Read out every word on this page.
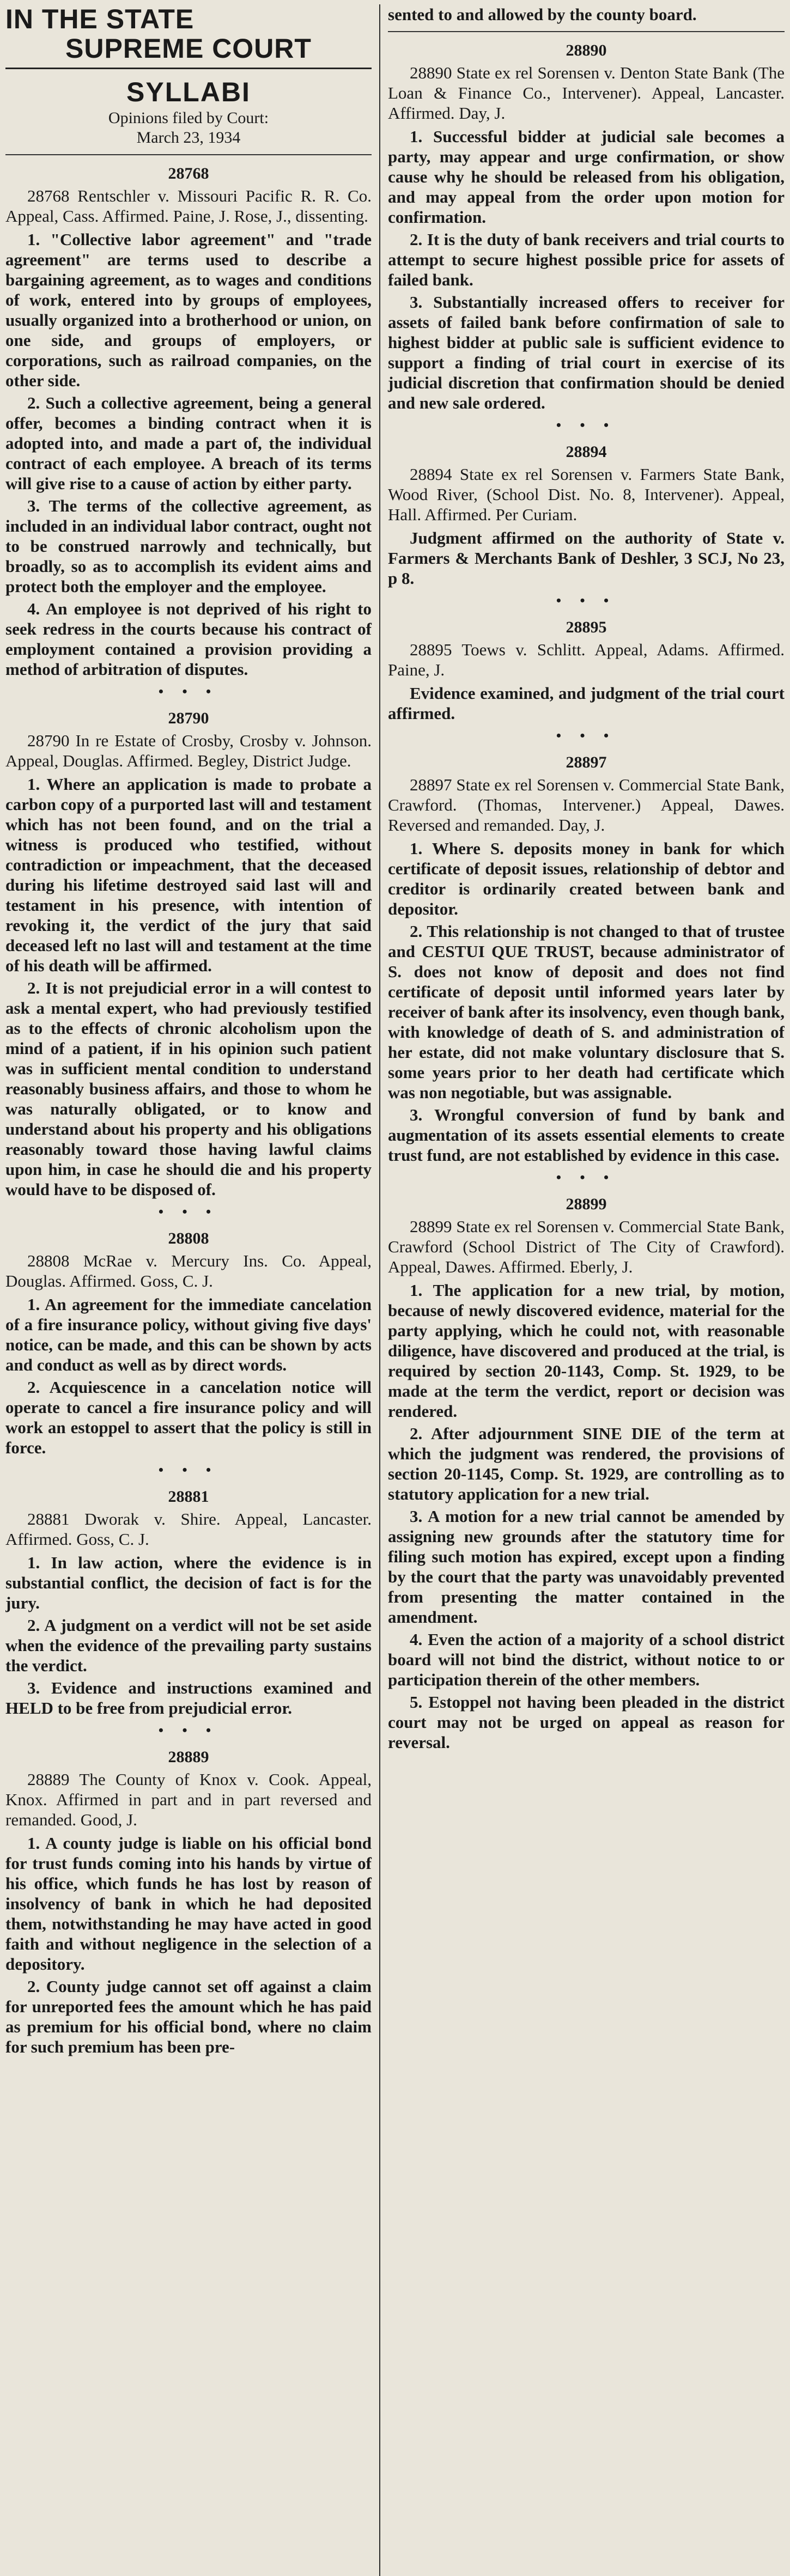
IN THE STATE
SUPREME COURT
SYLLABI

Opinions filed by Court:

March 23, 1934

28768

28768 Rentschler v. Missouri Pacific R. R. Co. Appeal, Cass. Affirmed. Paine, J. Rose, J., dissenting.

1. "Collective labor agreement" and "trade agreement" are terms used to describe a bargaining agreement, as to wages and conditions of work, entered into by groups of employees, usually organized into a brotherhood or union, on one side, and groups of employers, or corporations, such as railroad companies, on the other side.

2. Such a collective agreement, being a general offer, becomes a binding contract when it is adopted into, and made a part of, the individual contract of each employee. A breach of its terms will give rise to a cause of action by either party.

3. The terms of the collective agreement, as included in an individual labor contract, ought not to be construed narrowly and technically, but broadly, so as to accomplish its evident aims and protect both the employer and the employee.

4. An employee is not deprived of his right to seek redress in the courts because his contract of employment contained a provision providing a method of arbitration of disputes.

• • •
28790

28790 In re Estate of Crosby, Crosby v. Johnson. Appeal, Douglas. Affirmed. Begley, District Judge.

1. Where an application is made to probate a carbon copy of a purported last will and testament which has not been found, and on the trial a witness is produced who testified, without contradiction or impeachment, that the deceased during his lifetime destroyed said last will and testament in his presence, with intention of revoking it, the verdict of the jury that said deceased left no last will and testament at the time of his death will be affirmed.

2. It is not prejudicial error in a will contest to ask a mental expert, who had previously testified as to the effects of chronic alcoholism upon the mind of a patient, if in his opinion such patient was in sufficient mental condition to understand reasonably business affairs, and those to whom he was naturally obligated, or to know and understand about his property and his obligations reasonably toward those having lawful claims upon him, in case he should die and his property would have to be disposed of.

• • •
28808

28808 McRae v. Mercury Ins. Co. Appeal, Douglas. Affirmed. Goss, C. J.

1. An agreement for the immediate cancelation of a fire insurance policy, without giving five days' notice, can be made, and this can be shown by acts and conduct as well as by direct words.

2. Acquiescence in a cancelation notice will operate to cancel a fire insurance policy and will work an estoppel to assert that the policy is still in force.

• • •
28881

28881 Dworak v. Shire. Appeal, Lancaster. Affirmed. Goss, C. J.

1. In law action, where the evidence is in substantial conflict, the decision of fact is for the jury.

2. A judgment on a verdict will not be set aside when the evidence of the prevailing party sustains the verdict.

3. Evidence and instructions examined and HELD to be free from prejudicial error.

• • •
28889

28889 The County of Knox v. Cook. Appeal, Knox. Affirmed in part and in part reversed and remanded. Good, J.

1. A county judge is liable on his official bond for trust funds coming into his hands by virtue of his office, which funds he has lost by reason of insolvency of bank in which he had deposited them, notwithstanding he may have acted in good faith and without negligence in the selection of a depository.

2. County judge cannot set off against a claim for unreported fees the amount which he has paid as premium for his official bond, where no claim for such premium has been pre-

sented to and allowed by the county board.

28890

28890 State ex rel Sorensen v. Denton State Bank (The Loan & Finance Co., Intervener). Appeal, Lancaster. Affirmed. Day, J.

1. Successful bidder at judicial sale becomes a party, may appear and urge confirmation, or show cause why he should be released from his obligation, and may appeal from the order upon motion for confirmation.

2. It is the duty of bank receivers and trial courts to attempt to secure highest possible price for assets of failed bank.

3. Substantially increased offers to receiver for assets of failed bank before confirmation of sale to highest bidder at public sale is sufficient evidence to support a finding of trial court in exercise of its judicial discretion that confirmation should be denied and new sale ordered.

• • •
28894

28894 State ex rel Sorensen v. Farmers State Bank, Wood River, (School Dist. No. 8, Intervener). Appeal, Hall. Affirmed. Per Curiam.

Judgment affirmed on the authority of State v. Farmers & Merchants Bank of Deshler, 3 SCJ, No 23, p 8.

• • •
28895

28895 Toews v. Schlitt. Appeal, Adams. Affirmed. Paine, J.

Evidence examined, and judgment of the trial court affirmed.

• • •
28897

28897 State ex rel Sorensen v. Commercial State Bank, Crawford. (Thomas, Intervener.) Appeal, Dawes. Reversed and remanded. Day, J.

1. Where S. deposits money in bank for which certificate of deposit issues, relationship of debtor and creditor is ordinarily created between bank and depositor.

2. This relationship is not changed to that of trustee and CESTUI QUE TRUST, because administrator of S. does not know of deposit and does not find certificate of deposit until informed years later by receiver of bank after its insolvency, even though bank, with knowledge of death of S. and administration of her estate, did not make voluntary disclosure that S. some years prior to her death had certificate which was non negotiable, but was assignable.

3. Wrongful conversion of fund by bank and augmentation of its assets essential elements to create trust fund, are not established by evidence in this case.

• • •
28899

28899 State ex rel Sorensen v. Commercial State Bank, Crawford (School District of The City of Crawford). Appeal, Dawes. Affirmed. Eberly, J.

1. The application for a new trial, by motion, because of newly discovered evidence, material for the party applying, which he could not, with reasonable diligence, have discovered and produced at the trial, is required by section 20-1143, Comp. St. 1929, to be made at the term the verdict, report or decision was rendered.

2. After adjournment SINE DIE of the term at which the judgment was rendered, the provisions of section 20-1145, Comp. St. 1929, are controlling as to statutory application for a new trial.

3. A motion for a new trial cannot be amended by assigning new grounds after the statutory time for filing such motion has expired, except upon a finding by the court that the party was unavoidably prevented from presenting the matter contained in the amendment.

4. Even the action of a majority of a school district board will not bind the district, without notice to or participation therein of the other members.

5. Estoppel not having been pleaded in the district court may not be urged on appeal as reason for reversal.
